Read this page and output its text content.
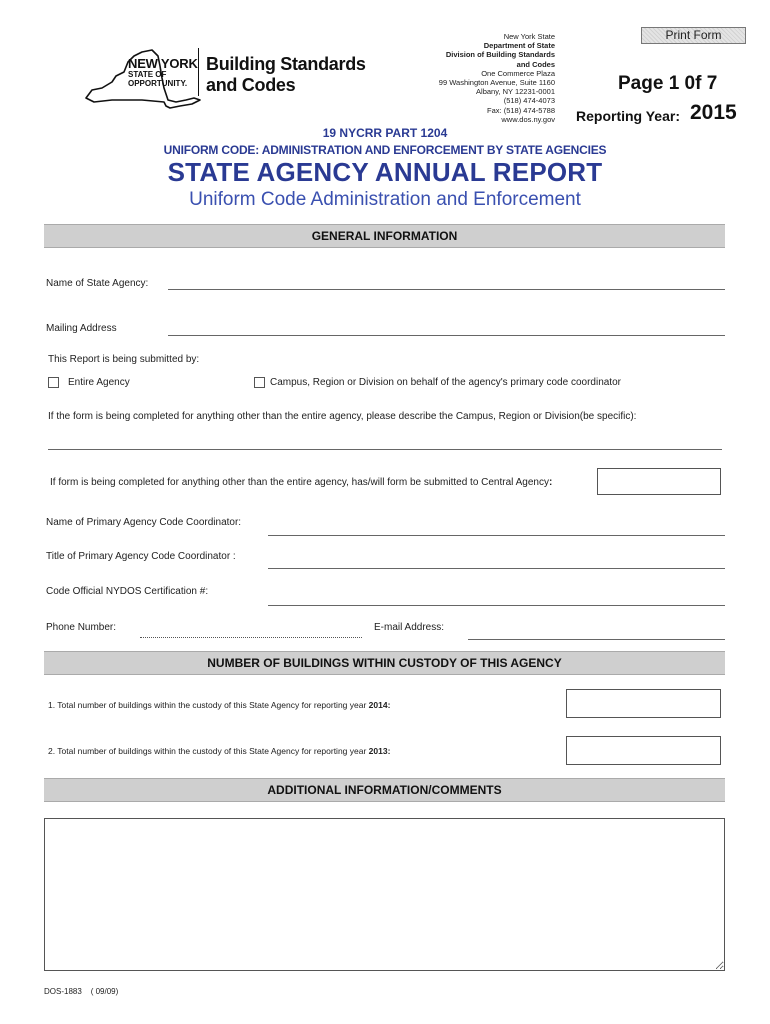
NEW YORK
STATE OF
OPPORTUNITY.
Building Standards
and Codes
New York State
Department of State
Division of Building Standards
and Codes
One Commerce Plaza
99 Washington Avenue, Suite 1160
Albany, NY 12231-0001
(518) 474-4073
Fax: (518) 474-5788
www.dos.ny.gov
Print Form
Page 1 0f 7
Reporting Year: 2015
19 NYCRR PART 1204
UNIFORM CODE: ADMINISTRATION AND ENFORCEMENT BY STATE AGENCIES
STATE AGENCY ANNUAL REPORT
Uniform Code Administration and Enforcement
GENERAL INFORMATION
Name of State Agency:
Mailing Address
This Report is being submitted by:
Entire Agency	Campus, Region or Division on behalf of the agency's primary code coordinator
If the form is being completed for anything other than the entire agency, please describe the Campus, Region or Division(be specific):
If form is being completed for anything other than the entire agency, has/will form be submitted to Central Agency:
Name of Primary Agency Code Coordinator:
Title of Primary Agency Code Coordinator :
Code Official NYDOS Certification #:
Phone Number:	E-mail Address:
NUMBER OF BUILDINGS WITHIN CUSTODY OF THIS AGENCY
1. Total number of buildings within the custody of this State Agency for reporting year 2014:
2. Total number of buildings within the custody of this State Agency for reporting year 2013:
ADDITIONAL INFORMATION/COMMENTS
DOS-1883 ( 09/09)
